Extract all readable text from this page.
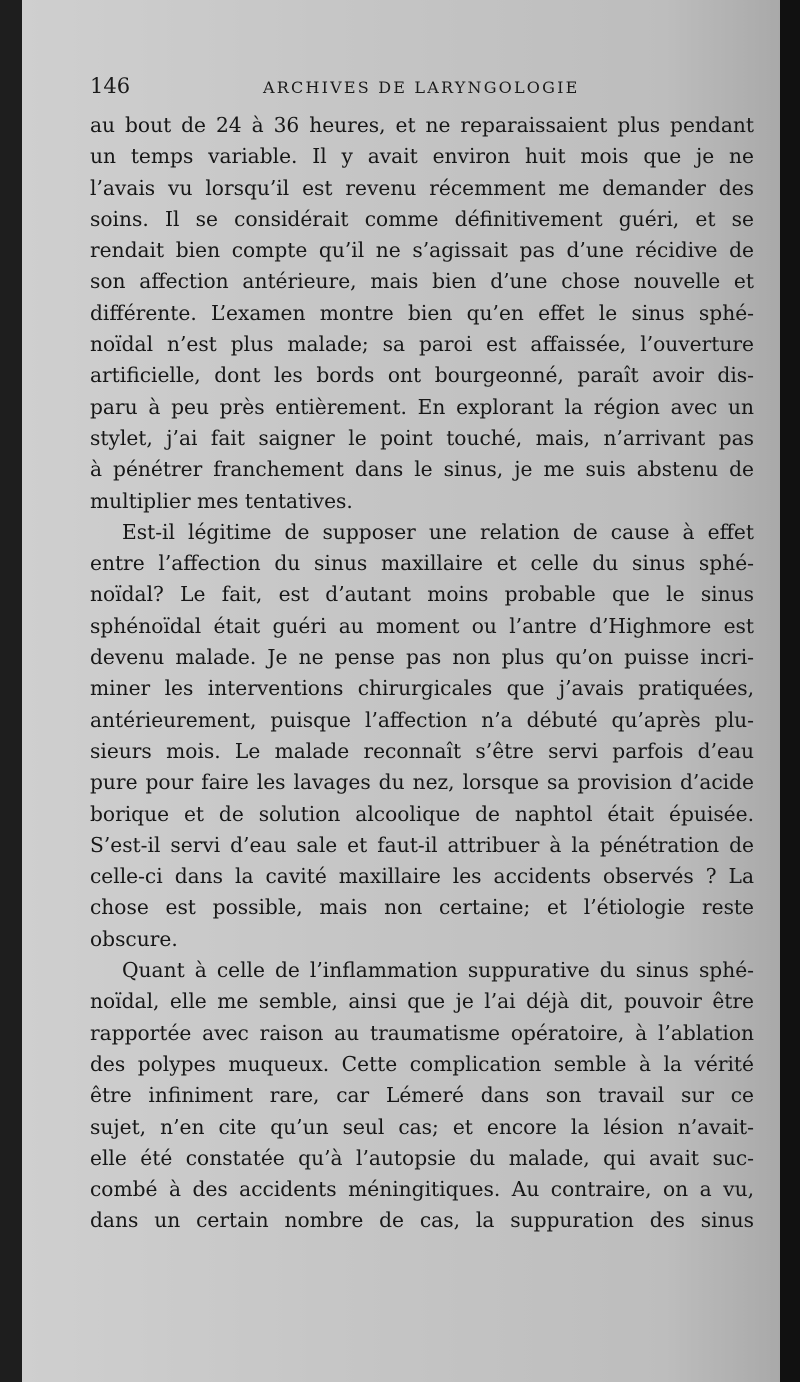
146	ARCHIVES DE LARYNGOLOGIE
au bout de 24 à 36 heures, et ne reparaissaient plus pendant
un temps variable. Il y avait environ huit mois que je ne
l’avais vu lorsqu’il est revenu récemment me demander des
soins. Il se considérait comme définitivement guéri, et se
rendait bien compte qu’il ne s’agissait pas d’une récidive de
son affection antérieure, mais bien d’une chose nouvelle et
différente. L’examen montre bien qu’en effet le sinus sphé-
noïdal n’est plus malade; sa paroi est affaissée, l’ouverture
artificielle, dont les bords ont bourgeonné, paraît avoir dis-
paru à peu près entièrement. En explorant la région avec un
stylet, j’ai fait saigner le point touché, mais, n’arrivant pas
à pénétrer franchement dans le sinus, je me suis abstenu de
multiplier mes tentatives.
Est-il légitime de supposer une relation de cause à effet
entre l’affection du sinus maxillaire et celle du sinus sphé-
noïdal? Le fait, est d’autant moins probable que le sinus
sphénoïdal était guéri au moment ou l’antre d’Highmore est
devenu malade. Je ne pense pas non plus qu’on puisse incri-
miner les interventions chirurgicales que j’avais pratiquées,
antérieurement, puisque l’affection n’a débuté qu’après plu-
sieurs mois. Le malade reconnaît s’être servi parfois d’eau
pure pour faire les lavages du nez, lorsque sa provision d’acide
borique et de solution alcoolique de naphtol était épuisée.
S’est-il servi d’eau sale et faut-il attribuer à la pénétration de
celle-ci dans la cavité maxillaire les accidents observés ? La
chose est possible, mais non certaine; et l’étiologie reste
obscure.
Quant à celle de l’inflammation suppurative du sinus sphé-
noïdal, elle me semble, ainsi que je l’ai déjà dit, pouvoir être
rapportée avec raison au traumatisme opératoire, à l’ablation
des polypes muqueux. Cette complication semble à la vérité
être infiniment rare, car Lémeré dans son travail sur ce
sujet, n’en cite qu’un seul cas; et encore la lésion n’avait-
elle été constatée qu’à l’autopsie du malade, qui avait suc-
combé à des accidents méningitiques. Au contraire, on a vu,
dans un certain nombre de cas, la suppuration des sinus
